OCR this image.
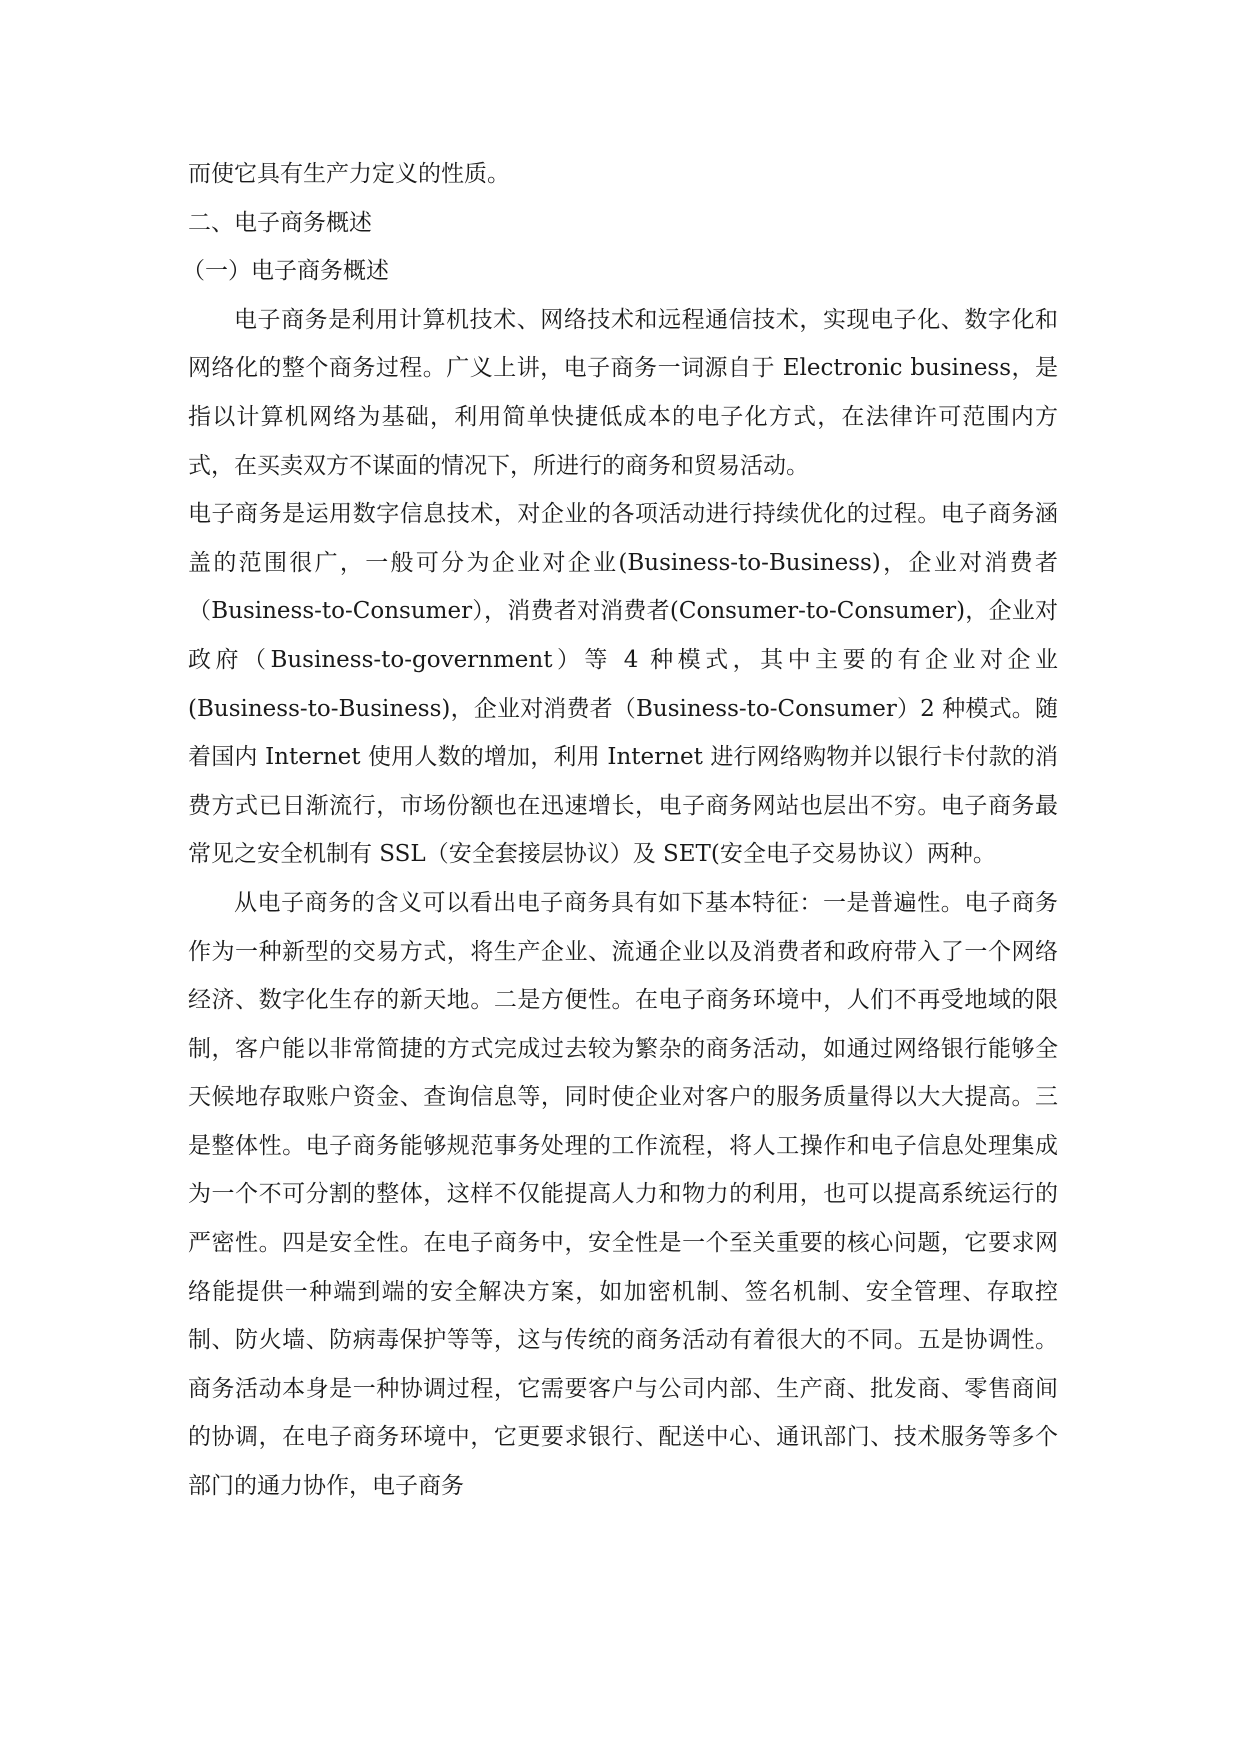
而使它具有生产力定义的性质。

二、电子商务概述

（一）电子商务概述

电子商务是利用计算机技术、网络技术和远程通信技术，实现电子化、数字化和网络化的整个商务过程。广义上讲，电子商务一词源自于 Electronic business，是指以计算机网络为基础，利用简单快捷低成本的电子化方式，在法律许可范围内方式，在买卖双方不谋面的情况下，所进行的商务和贸易活动。

电子商务是运用数字信息技术，对企业的各项活动进行持续优化的过程。电子商务涵盖的范围很广，一般可分为企业对企业(Business-to-Business)，企业对消费者（Business-to-Consumer），消费者对消费者(Consumer-to-Consumer)，企业对政府（Business-to-government）等 4 种模式，其中主要的有企业对企业(Business-to-Business)，企业对消费者（Business-to-Consumer）2 种模式。随着国内 Internet 使用人数的增加，利用 Internet 进行网络购物并以银行卡付款的消费方式已日渐流行，市场份额也在迅速增长，电子商务网站也层出不穷。电子商务最常见之安全机制有 SSL（安全套接层协议）及 SET(安全电子交易协议）两种。

从电子商务的含义可以看出电子商务具有如下基本特征：一是普遍性。电子商务作为一种新型的交易方式，将生产企业、流通企业以及消费者和政府带入了一个网络经济、数字化生存的新天地。二是方便性。在电子商务环境中，人们不再受地域的限制，客户能以非常简捷的方式完成过去较为繁杂的商务活动，如通过网络银行能够全天候地存取账户资金、查询信息等，同时使企业对客户的服务质量得以大大提高。三是整体性。电子商务能够规范事务处理的工作流程，将人工操作和电子信息处理集成为一个不可分割的整体，这样不仅能提高人力和物力的利用，也可以提高系统运行的严密性。四是安全性。在电子商务中，安全性是一个至关重要的核心问题，它要求网络能提供一种端到端的安全解决方案，如加密机制、签名机制、安全管理、存取控制、防火墙、防病毒保护等等，这与传统的商务活动有着很大的不同。五是协调性。商务活动本身是一种协调过程，它需要客户与公司内部、生产商、批发商、零售商间的协调，在电子商务环境中，它更要求银行、配送中心、通讯部门、技术服务等多个部门的通力协作，电子商务
